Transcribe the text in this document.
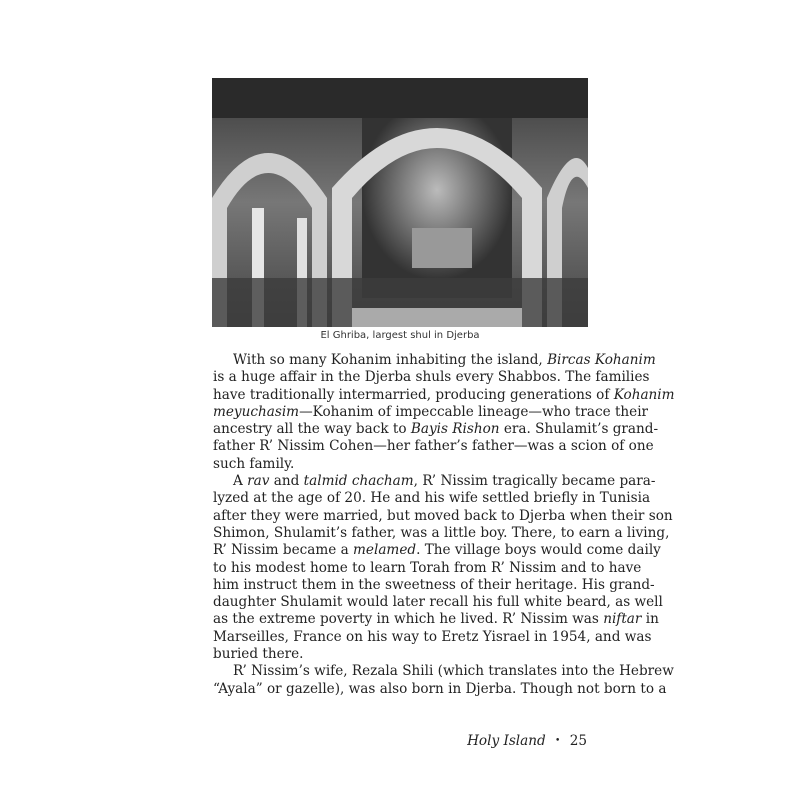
El Ghriba, largest shul in Djerba
With so many Kohanim inhabiting the island, Bircas Kohanim
is a huge affair in the Djerba shuls every Shabbos. The families
have traditionally intermarried, producing generations of Kohanim
meyuchasim—Kohanim of impeccable lineage—who trace their
ancestry all the way back to Bayis Rishon era. Shulamit’s grand-
father R’ Nissim Cohen—her father’s father—was a scion of one
such family.
A rav and talmid chacham, R’ Nissim tragically became para-
lyzed at the age of 20. He and his wife settled briefly in Tunisia
after they were married, but moved back to Djerba when their son
Shimon, Shulamit’s father, was a little boy. There, to earn a living,
R’ Nissim became a melamed. The village boys would come daily
to his modest home to learn Torah from R’ Nissim and to have
him instruct them in the sweetness of their heritage. His grand-
daughter Shulamit would later recall his full white beard, as well
as the extreme poverty in which he lived. R’ Nissim was niftar in
Marseilles, France on his way to Eretz Yisrael in 1954, and was
buried there.
R’ Nissim’s wife, Rezala Shili (which translates into the Hebrew
“Ayala” or gazelle), was also born in Djerba. Though not born to a
Holy Island • 25
